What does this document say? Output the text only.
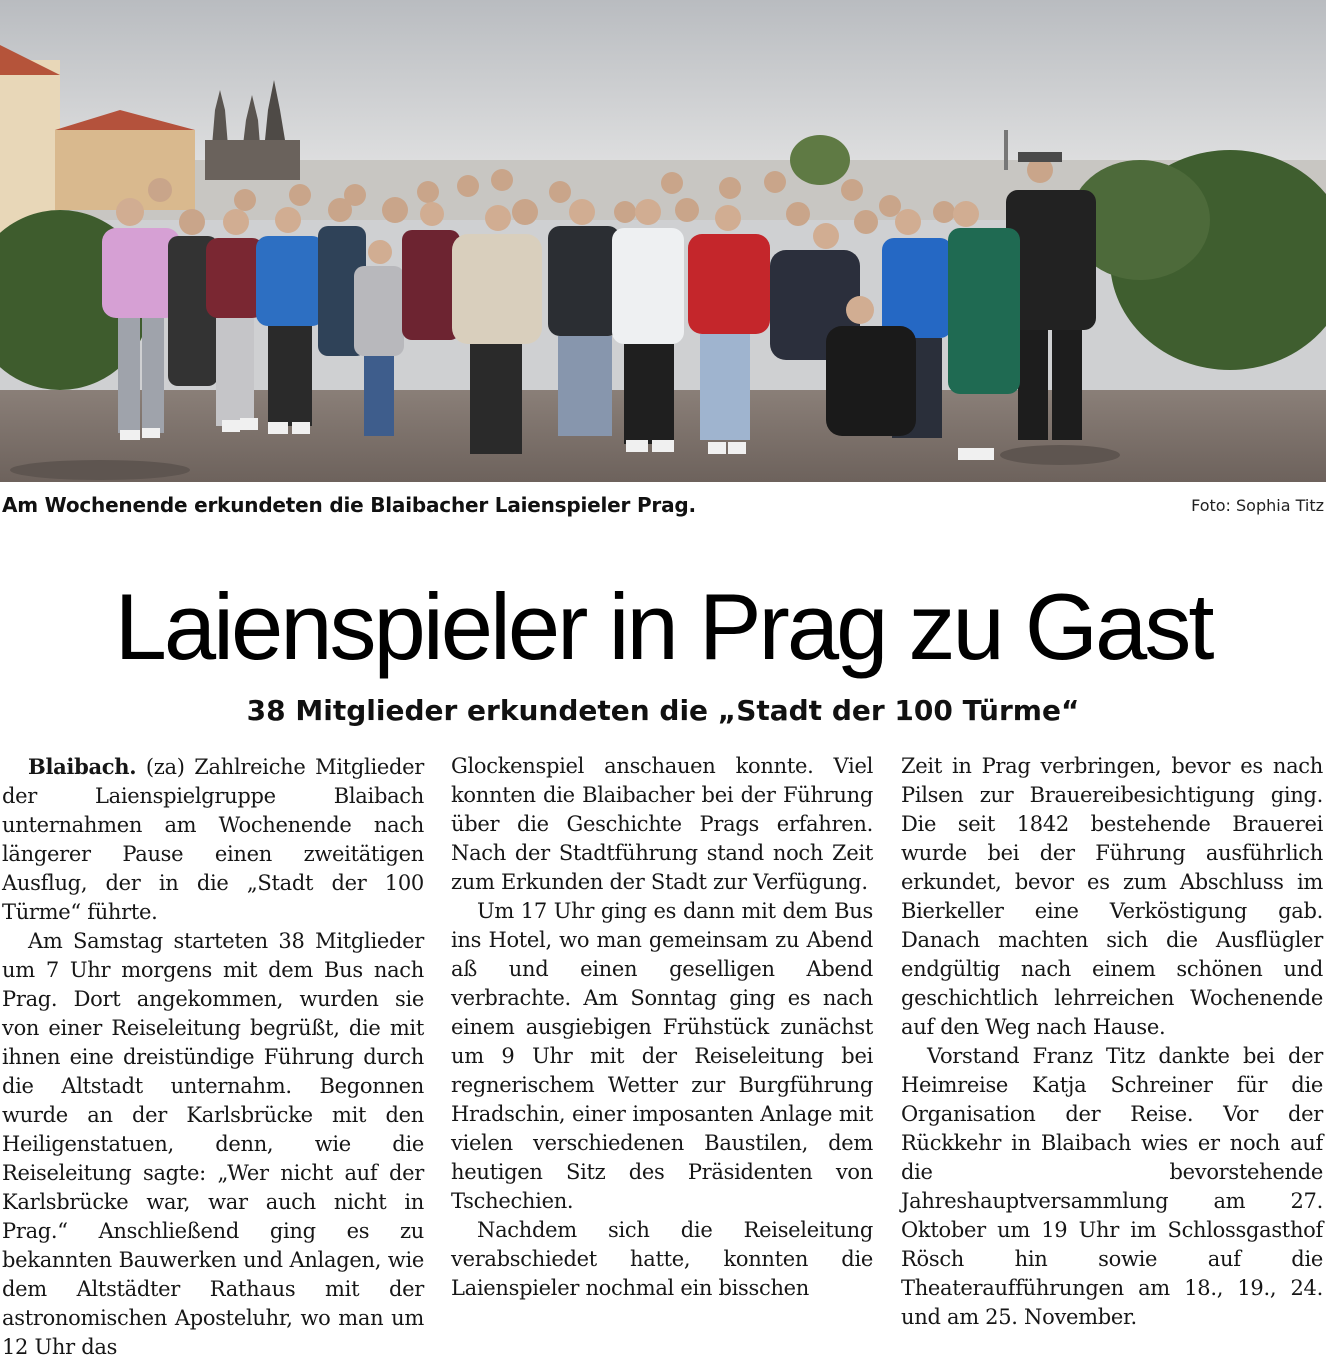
Am Wochenende erkundeten die Blaibacher Laienspieler Prag.	Foto: Sophia Titz
Laienspieler in Prag zu Gast
38 Mitglieder erkundeten die „Stadt der 100 Türme“

Blaibach. (za) Zahlreiche Mitglieder der Laienspielgruppe Blaibach unternahmen am Wochenende nach längerer Pause einen zweitätigen Ausflug, der in die „Stadt der 100 Türme“ führte.

Am Samstag starteten 38 Mitglieder um 7 Uhr morgens mit dem Bus nach Prag. Dort angekommen, wurden sie von einer Reiseleitung begrüßt, die mit ihnen eine dreistündige Führung durch die Altstadt unternahm. Begonnen wurde an der Karlsbrücke mit den Heiligenstatuen, denn, wie die Reiseleitung sagte: „Wer nicht auf der Karlsbrücke war, war auch nicht in Prag.“ Anschließend ging es zu bekannten Bauwerken und Anlagen, wie dem Altstädter Rathaus mit der astronomischen Aposteluhr, wo man um 12 Uhr das

Glockenspiel anschauen konnte. Viel konnten die Blaibacher bei der Führung über die Geschichte Prags erfahren. Nach der Stadtführung stand noch Zeit zum Erkunden der Stadt zur Verfügung.

Um 17 Uhr ging es dann mit dem Bus ins Hotel, wo man gemeinsam zu Abend aß und einen geselligen Abend verbrachte. Am Sonntag ging es nach einem ausgiebigen Frühstück zunächst um 9 Uhr mit der Reiseleitung bei regnerischem Wetter zur Burgführung Hradschin, einer imposanten Anlage mit vielen verschiedenen Baustilen, dem heutigen Sitz des Präsidenten von Tschechien.

Nachdem sich die Reiseleitung verabschiedet hatte, konnten die Laienspieler nochmal ein bisschen

Zeit in Prag verbringen, bevor es nach Pilsen zur Brauereibesichtigung ging. Die seit 1842 bestehende Brauerei wurde bei der Führung ausführlich erkundet, bevor es zum Abschluss im Bierkeller eine Verköstigung gab. Danach machten sich die Ausflügler endgültig nach einem schönen und geschichtlich lehrreichen Wochenende auf den Weg nach Hause.

Vorstand Franz Titz dankte bei der Heimreise Katja Schreiner für die Organisation der Reise. Vor der Rückkehr in Blaibach wies er noch auf die bevorstehende Jahreshauptversammlung am 27. Oktober um 19 Uhr im Schlossgasthof Rösch hin sowie auf die Theateraufführungen am 18., 19., 24. und am 25. November.
